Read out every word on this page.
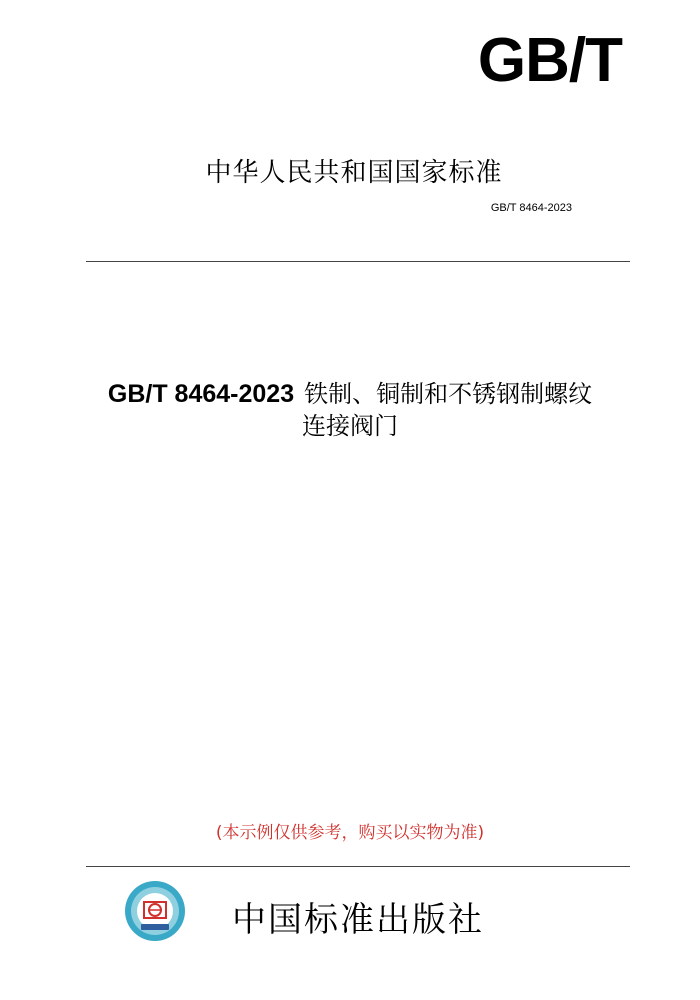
GB/T
中华人民共和国国家标准
GB/T 8464-2023
GB/T 8464-2023 铁制、铜制和不锈钢制螺纹
连接阀门
(本示例仅供参考，购买以实物为准)
中国标准出版社
